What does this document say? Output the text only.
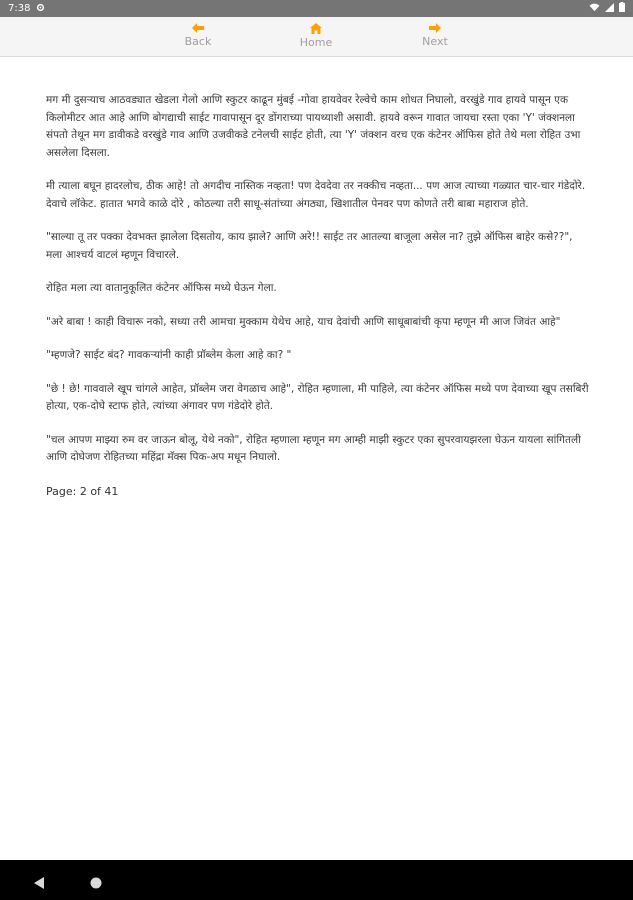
7:38
Back	Home	Next

मग मी दुसऱ्याच आठवड्यात खेडला गेलो आणि स्कुटर काढून मुंबई -गोवा हायवेवर रेल्वेचे काम शोधत निघालो, वरखुंडे गाव हायवे पासून एक किलोमीटर आत आहे आणि बोगद्याची साईट गावापासून दूर डोंगराच्या पायथ्याशी असावी. हायवे वरून गावात जायचा रस्ता एका 'Y' जंक्शनला संपतो तेथून मग डावीकडे वरखुंडे गाव आणि उजवीकडे टनेलची साईट होती, त्या 'Y' जंक्शन वरच एक कंटेनर ऑफिस होते तेथे मला रोहित उभा असलेला दिसला.

मी त्याला बघून हादरलोच, ठीक आहे! तो अगदीच नास्तिक नव्हता! पण देवदेवा तर नक्कीच नव्हता... पण आज त्याच्या गळ्यात चार-चार गंडेदोरे. देवाचे लॉकेट. हातात भगवे काळे दोरे , कोठल्या तरी साधू-संतांच्या अंगठ्या, खिशातील पेनवर पण कोणते तरी बाबा महाराज होते.

"साल्या तू तर पक्का देवभक्त झालेला दिसतोय, काय झाले? आणि अरे!! साईट तर आतल्या बाजूला असेल ना? तुझे ऑफिस बाहेर कसे??", मला आश्चर्य वाटलं म्हणून विचारले.

रोहित मला त्या वातानुकूलित कंटेनर ऑफिस मध्ये घेऊन गेला.

"अरे बाबा ! काही विचारू नको, सध्या तरी आमचा मुक्काम येथेच आहे, याच देवांची आणि साधूबाबांची कृपा म्हणून मी आज जिवंत आहे"

"म्हणजे? साईट बंद? गावकऱ्यांनी काही प्रॉब्लेम केला आहे का? "

"छे ! छे! गाववाले खूप चांगले आहेत, प्रॉब्लेम जरा वेगळाच आहे", रोहित म्हणाला, मी पाहिले, त्या कंटेनर ऑफिस मध्ये पण देवाच्या खूप तसबिरी होत्या, एक-दोघे स्टाफ होते, त्यांच्या अंगावर पण गंडेदोरे होते.

"चल आपण माझ्या रुम वर जाऊन बोलू, येथे नको", रोहित म्हणाला म्हणून मग आम्ही माझी स्कुटर एका सुपरवायझरला घेऊन यायला सांगितली आणि दोघेजण रोहितच्या महिंद्रा मॅक्स पिक-अप मधून निघालो.

Page: 2 of 41
